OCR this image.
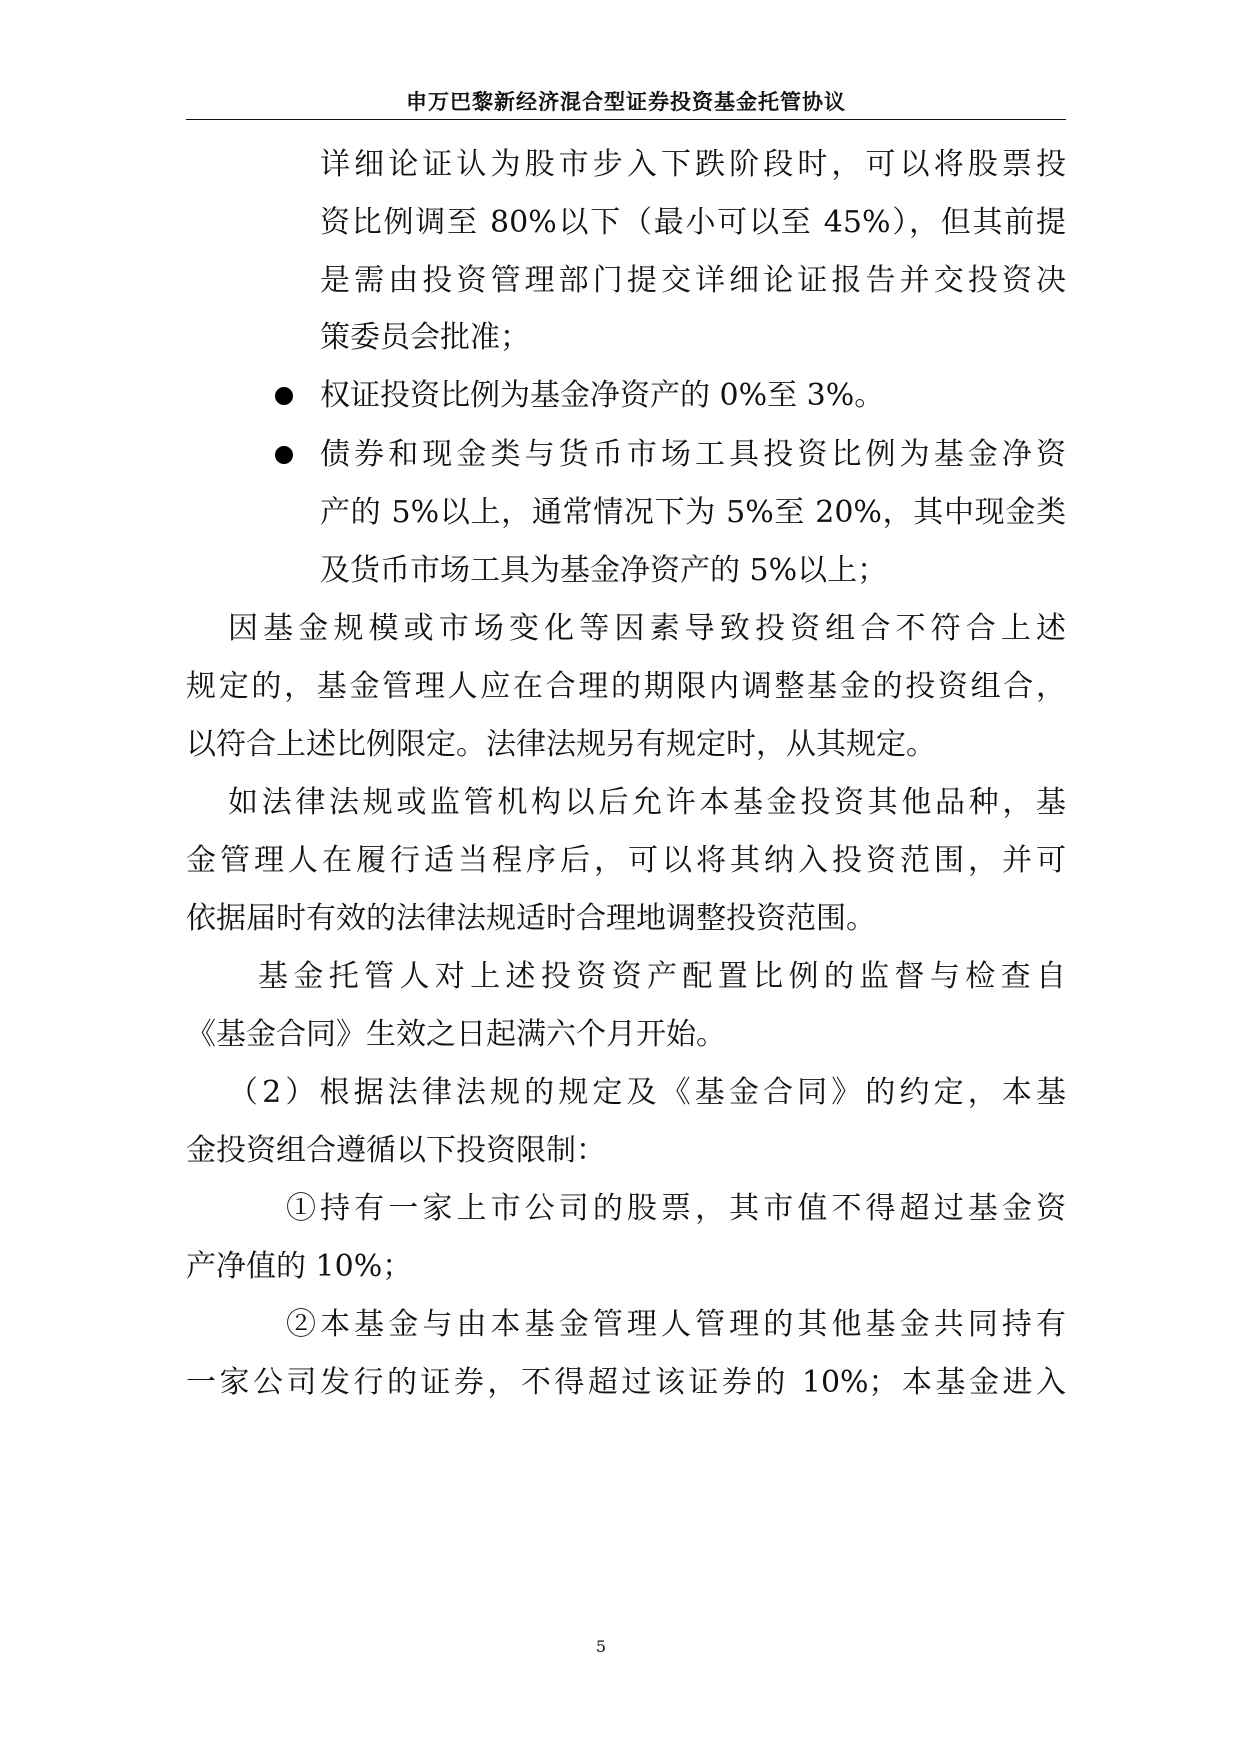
申万巴黎新经济混合型证券投资基金托管协议
详细论证认为股市步入下跌阶段时，可以将股票投
资比例调至 80%以下（最小可以至 45%），但其前提
是需由投资管理部门提交详细论证报告并交投资决
策委员会批准；
权证投资比例为基金净资产的 0%至 3%。
债券和现金类与货币市场工具投资比例为基金净资
产的 5%以上，通常情况下为 5%至 20%，其中现金类
及货币市场工具为基金净资产的 5%以上；
因基金规模或市场变化等因素导致投资组合不符合上述
规定的，基金管理人应在合理的期限内调整基金的投资组合，
以符合上述比例限定。法律法规另有规定时，从其规定。
如法律法规或监管机构以后允许本基金投资其他品种，基
金管理人在履行适当程序后，可以将其纳入投资范围，并可
依据届时有效的法律法规适时合理地调整投资范围。
基金托管人对上述投资资产配置比例的监督与检查自
《基金合同》生效之日起满六个月开始。
（2）根据法律法规的规定及《基金合同》的约定，本基
金投资组合遵循以下投资限制：
①持有一家上市公司的股票，其市值不得超过基金资
产净值的 10%；
②本基金与由本基金管理人管理的其他基金共同持有
一家公司发行的证券，不得超过该证券的 10%；本基金进入
5
